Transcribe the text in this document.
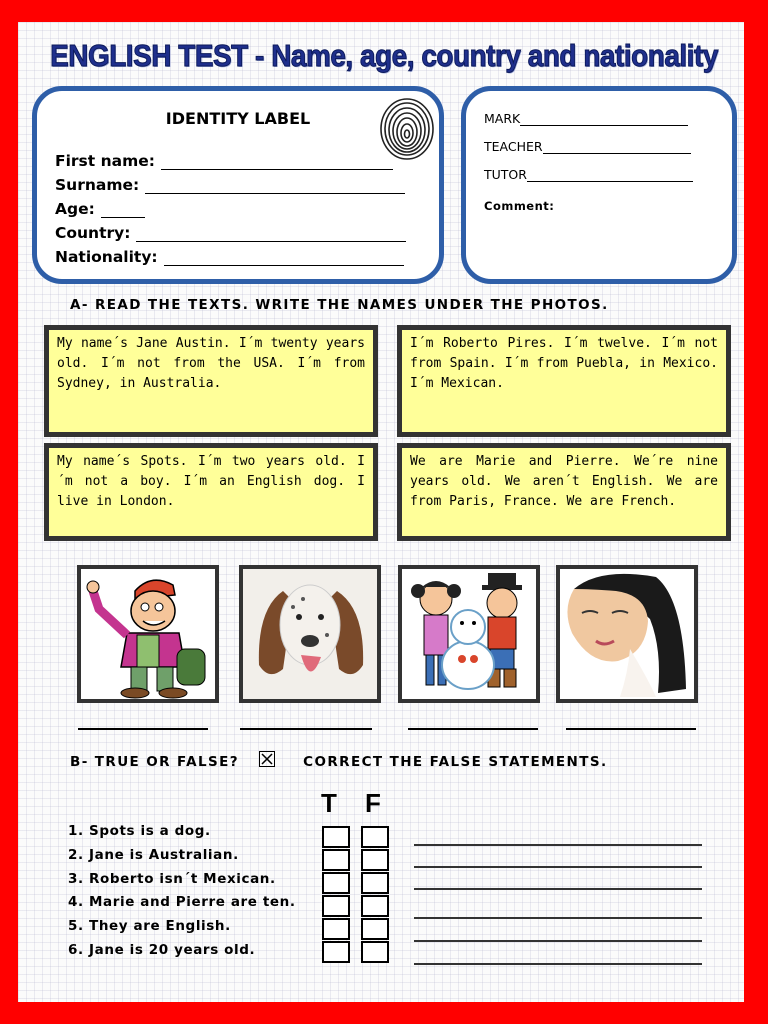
ENGLISH TEST - Name, age, country and nationality
IDENTITY LABEL
First name:
Surname:
Age:
Country:
Nationality:
MARK
TEACHER
TUTOR
Comment:
A- READ THE TEXTS. WRITE THE NAMES UNDER THE PHOTOS.
My name´s Jane Austin. I´m twenty years old. I´m not from the USA. I´m from Sydney, in Australia.
I´m Roberto Pires. I´m twelve. I´m not from Spain. I´m from Puebla, in Mexico. I´m Mexican.
My name´s Spots. I´m two years old. I ´m not a boy. I´m an English dog. I live in London.
We are Marie and Pierre. We´re nine years old. We aren´t English. We are from Paris, France. We are French.
B- TRUE OR FALSE?	CORRECT THE FALSE STATEMENTS.
T F
1. Spots is a dog.
2. Jane is Australian.
3. Roberto isn´t Mexican.
4. Marie and Pierre are ten.
5. They are English.
6. Jane is 20 years old.
